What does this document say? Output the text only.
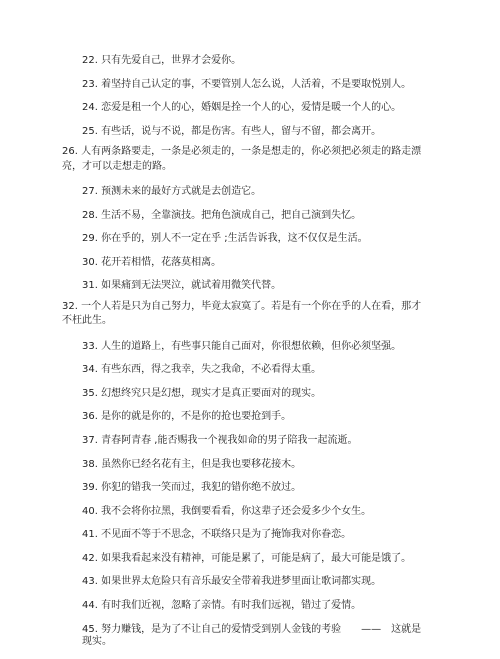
22. 只有先爱自己，世界才会爱你。
23. 着坚持自己认定的事，不要管别人怎么说，人活着，不是要取悦别人。
24. 恋爱是租一个人的心，婚姻是拴一个人的心，爱情是暖一个人的心。
25. 有些话，说与不说，都是伤害。有些人，留与不留，都会离开。
26. 人有两条路要走，一条是必须走的，一条是想走的，你必须把必须走的路走漂亮，才可以走想走的路。
27. 预测未来的最好方式就是去创造它。
28. 生活不易，全靠演技。把角色演成自己，把自己演到失忆。
29. 你在乎的，别人不一定在乎 ;生活告诉我，这不仅仅是生活。
30. 花开若相惜，花落莫相离。
31. 如果痛到无法哭泣，就试着用微笑代替。
32. 一个人若是只为自己努力，毕竟太寂寞了。若是有一个你在乎的人在看，那才不枉此生。
33. 人生的道路上，有些事只能自己面对，你很想依赖，但你必须坚强。
34. 有些东西，得之我幸，失之我命，不必看得太重。
35. 幻想终究只是幻想，现实才是真正要面对的现实。
36. 是你的就是你的，不是你的抢也要抢到手。
37. 青春阿青春 ,能否赐我一个视我如命的男子陪我一起流逝。
38. 虽然你已经名花有主，但是我也要移花接木。
39. 你犯的错我一笑而过，我犯的错你绝不放过。
40. 我不会将你拉黑，我倒要看看，你这辈子还会爱多少个女生。
41. 不见面不等于不思念，不联络只是为了掩饰我对你眷恋。
42. 如果我看起来没有精神，可能是累了，可能是病了，最大可能是饿了。
43. 如果世界太危险只有音乐最安全带着我进梦里面让歌词都实现。
44. 有时我们近视，忽略了亲情。有时我们远视，错过了爱情。
45. 努力赚钱，是为了不让自己的爱情受到别人金钱的考验　　——　这就是现实。
